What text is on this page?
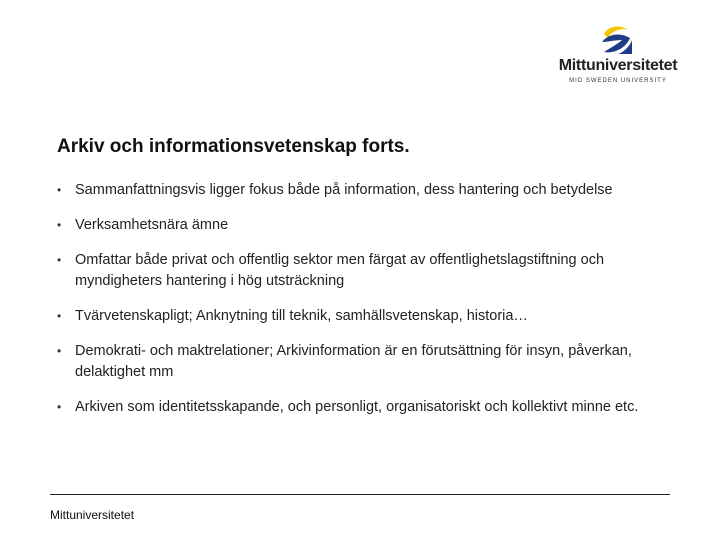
Mittuniversitetet
MID SWEDEN UNIVERSITY
Arkiv och informationsvetenskap forts.
• Sammanfattningsvis ligger fokus både på information, dess hantering och betydelse
• Verksamhetsnära ämne
• Omfattar både privat och offentlig sektor men färgat av offentlighetslagstiftning och myndigheters hantering i hög utsträckning
• Tvärvetenskapligt; Anknytning till teknik, samhällsvetenskap, historia…
• Demokrati- och maktrelationer; Arkivinformation är en förutsättning för insyn, påverkan, delaktighet mm
• Arkiven som identitetsskapande, och personligt, organisatoriskt och kollektivt minne etc.
Mittuniversitetet
